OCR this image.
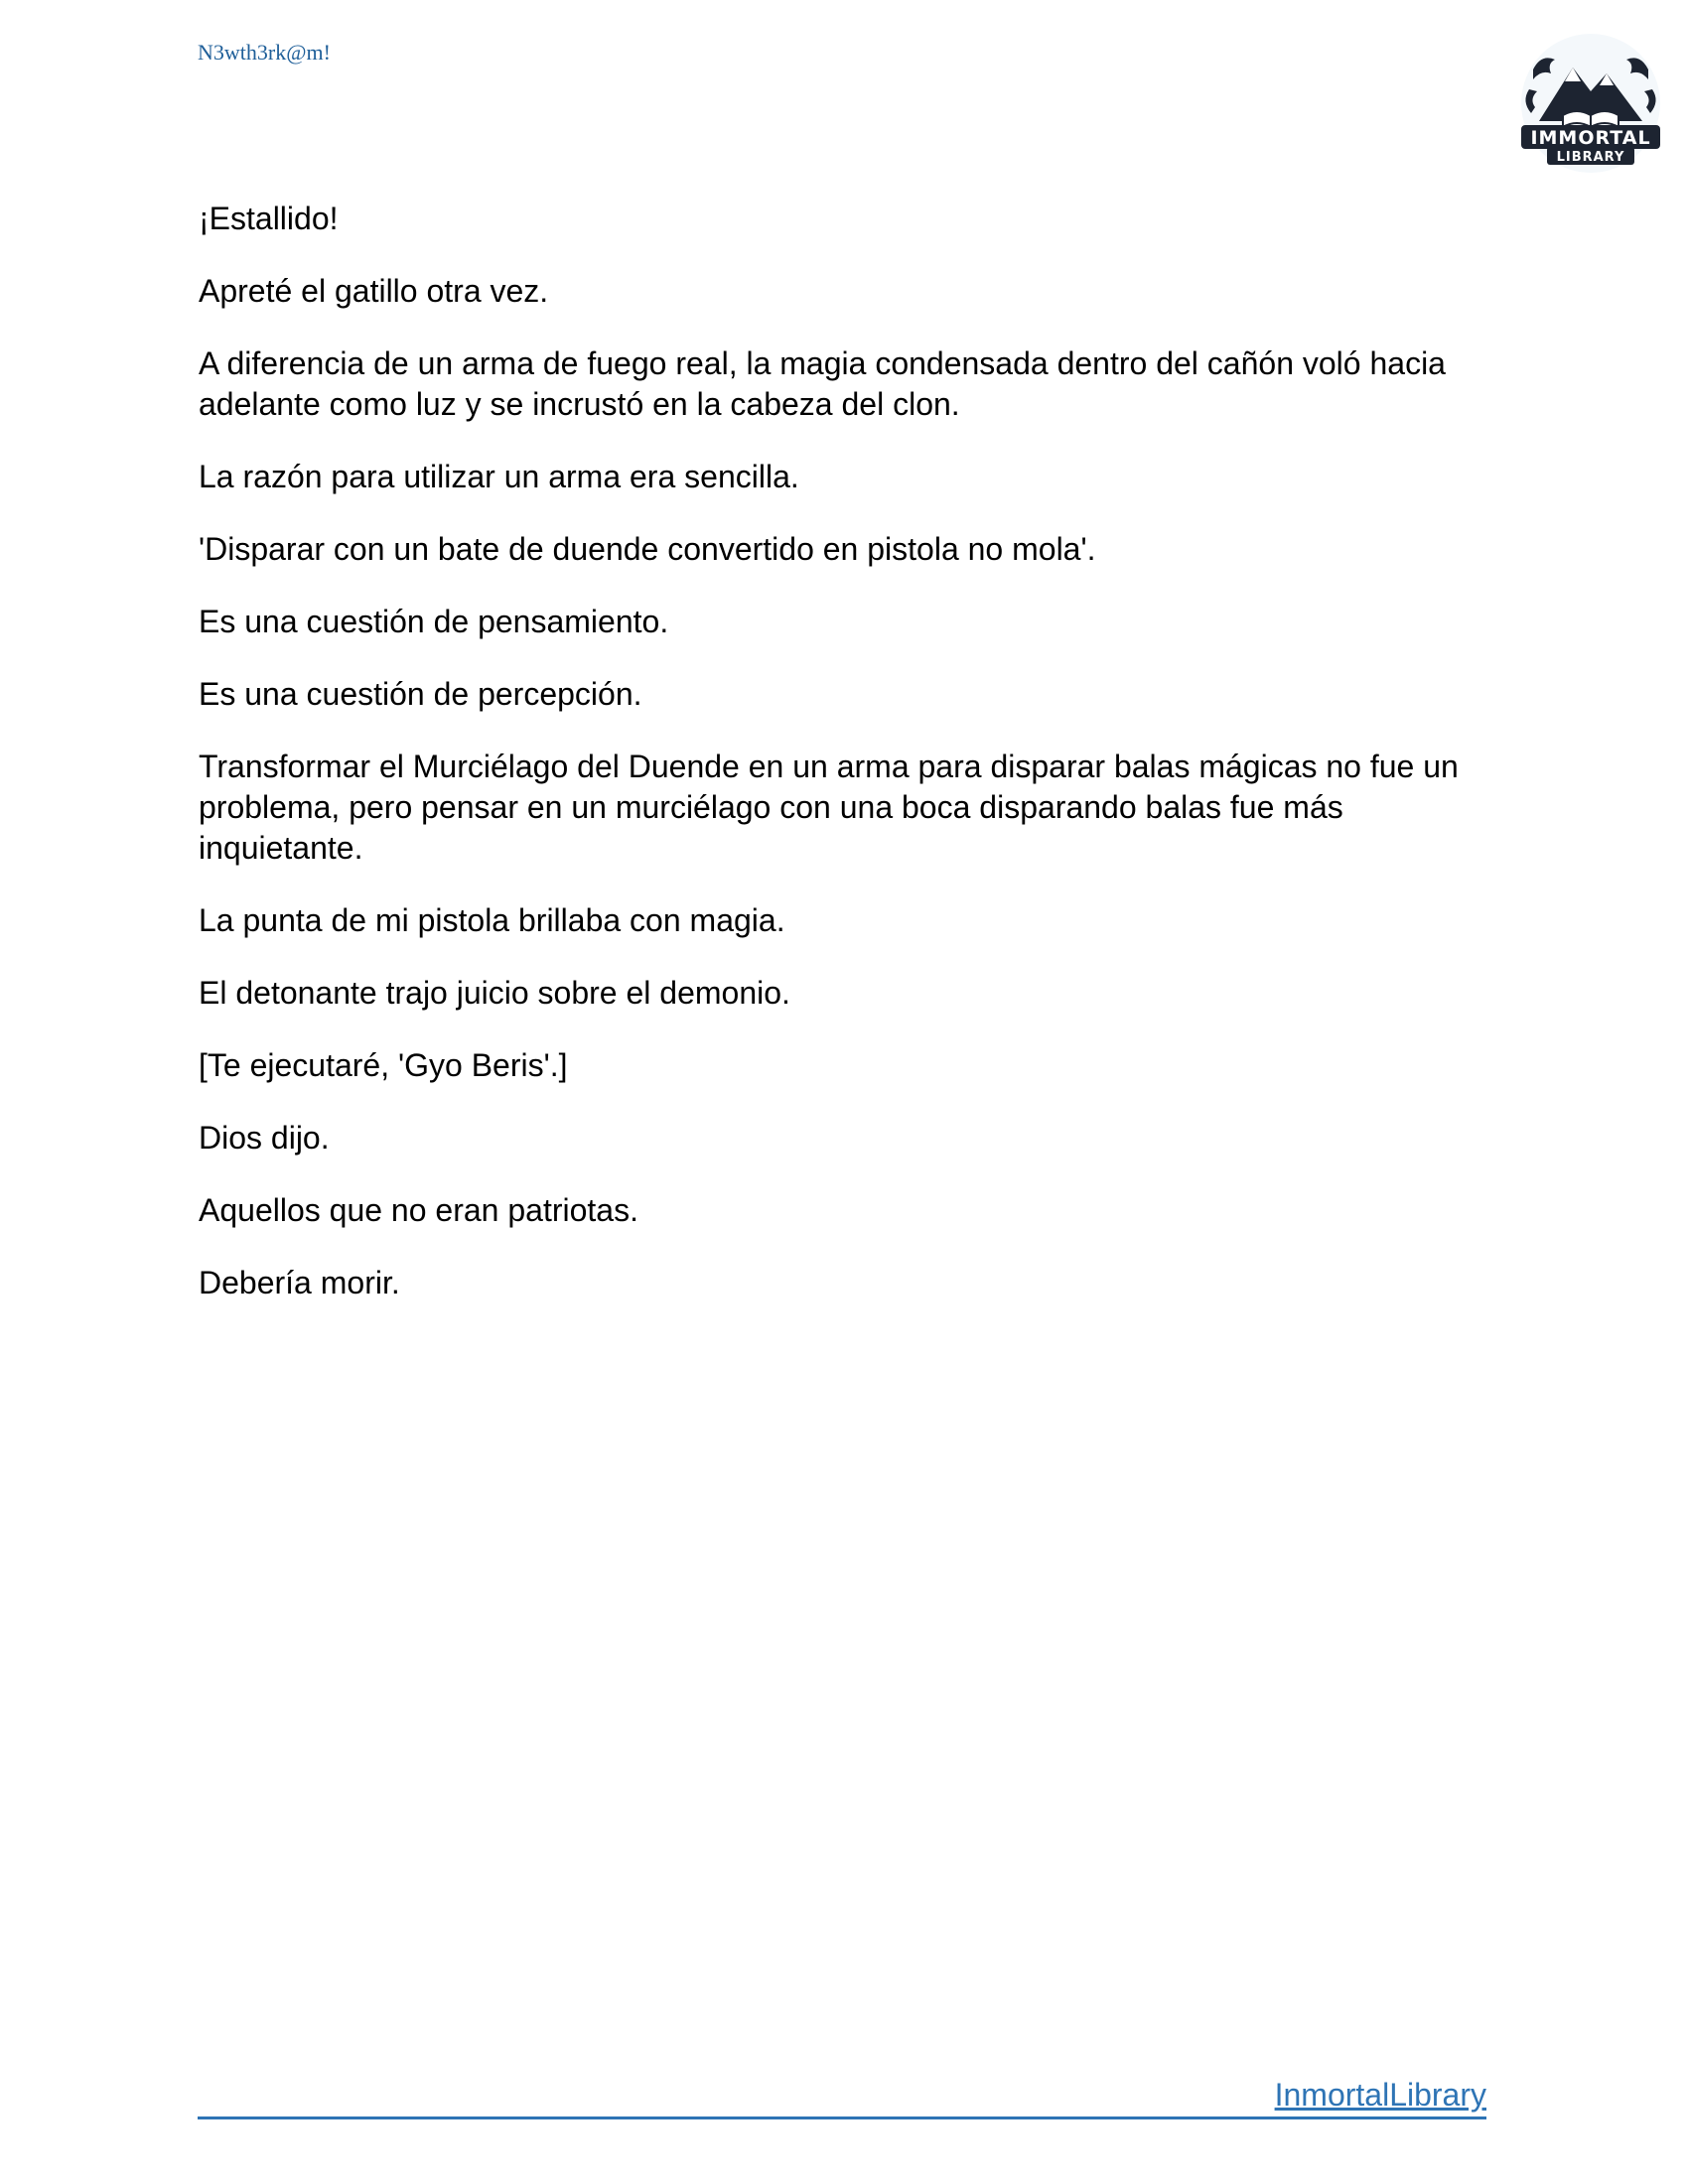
N3wth3rk@m!
IMMORTAL
LIBRARY

¡Estallido!

Apreté el gatillo otra vez.

A diferencia de un arma de fuego real, la magia condensada dentro del cañón voló hacia adelante como luz y se incrustó en la cabeza del clon.

La razón para utilizar un arma era sencilla.

'Disparar con un bate de duende convertido en pistola no mola'.

Es una cuestión de pensamiento.

Es una cuestión de percepción.

Transformar el Murciélago del Duende en un arma para disparar balas mágicas no fue un problema, pero pensar en un murciélago con una boca disparando balas fue más inquietante.

La punta de mi pistola brillaba con magia.

El detonante trajo juicio sobre el demonio.

[Te ejecutaré, 'Gyo Beris'.]

Dios dijo.

Aquellos que no eran patriotas.

Debería morir.

InmortalLibrary
